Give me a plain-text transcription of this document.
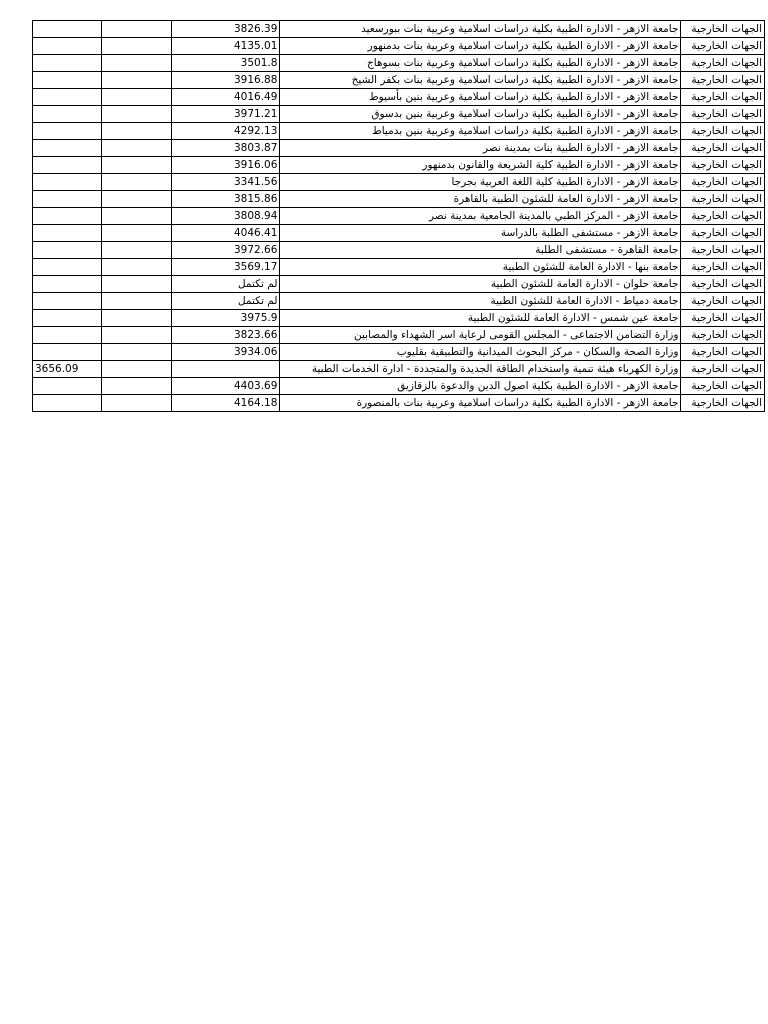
		3826.39	جامعة الازهر - الادارة الطبية بكلية دراسات اسلامية وعربية بنات ببورسعيد	الجهات الخارجية
		4135.01	جامعة الازهر - الادارة الطبية بكلية دراسات اسلامية وعربية بنات بدمنهور	الجهات الخارجية
		3501.8	جامعة الازهر - الادارة الطبية بكلية دراسات اسلامية وعربية بنات بسوهاج	الجهات الخارجية
		3916.88	جامعة الازهر - الادارة الطبية بكلية دراسات اسلامية وعربية بنات بكفر الشيخ	الجهات الخارجية
		4016.49	جامعة الازهر - الادارة الطبية بكلية دراسات اسلامية وعربية بنين بأسيوط	الجهات الخارجية
		3971.21	جامعة الازهر - الادارة الطبية بكلية دراسات اسلامية وعربية بنين بدسوق	الجهات الخارجية
		4292.13	جامعة الازهر - الادارة الطبية بكلية دراسات اسلامية وعربية بنين بدمياط	الجهات الخارجية
		3803.87	جامعة الازهر - الادارة الطبية بنات بمدينة نصر	الجهات الخارجية
		3916.06	جامعة الازهر - الادارة الطبية كلية الشريعة والقانون بدمنهور	الجهات الخارجية
		3341.56	جامعة الازهر - الادارة الطبية كلية اللغة العربية بجرجا	الجهات الخارجية
		3815.86	جامعة الازهر - الادارة العامة للشئون الطبية بالقاهرة	الجهات الخارجية
		3808.94	جامعة الازهر - المركز الطبي بالمدينة الجامعية بمدينة نصر	الجهات الخارجية
		4046.41	جامعة الازهر - مستشفى الطلبة بالدراسة	الجهات الخارجية
		3972.66	جامعة القاهرة - مستشفى الطلبة	الجهات الخارجية
		3569.17	جامعة بنها - الادارة العامة للشئون الطبية	الجهات الخارجية
		لم تكتمل	جامعة حلوان - الادارة العامة للشئون الطبية	الجهات الخارجية
		لم تكتمل	جامعة دمياط - الادارة العامة للشئون الطبية	الجهات الخارجية
		3975.9	جامعة عين شمس - الادارة العامة للشئون الطبية	الجهات الخارجية
		3823.66	وزارة التضامن الاجتماعى - المجلس القومى لرعاية اسر الشهداء والمصابين	الجهات الخارجية
		3934.06	وزارة الصحة والسكان - مركز البحوث الميدانية والتطبيقية بقليوب	الجهات الخارجية
3656.09			وزارة الكهرباء هيئة تنمية واستخدام الطاقة الجديدة والمتجددة - ادارة الخدمات الطبية	الجهات الخارجية
		4403.69	جامعة الازهر - الادارة الطبية بكلية اصول الدين والدعوة بالزقازيق	الجهات الخارجية
		4164.18	جامعة الازهر - الادارة الطبية بكلية دراسات اسلامية وعربية بنات بالمنصورة	الجهات الخارجية
